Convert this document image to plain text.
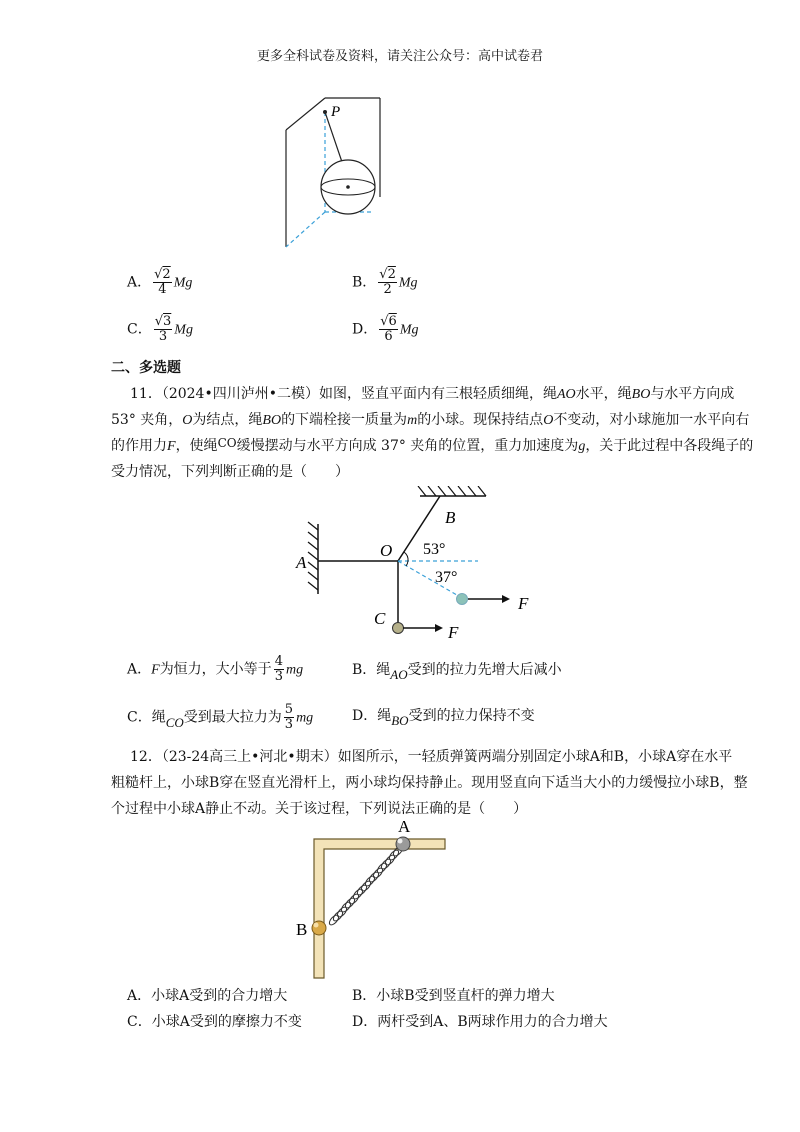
更多全科试卷及资料，请关注公众号：高中试卷君
P
A． $\frac{√2}{4}$ Mg	B． $\frac{√2}{2}$ Mg
C． $\frac{√3}{3}$ Mg	D． $\frac{√6}{6}$ Mg
二、多选题
11．（2024•四川泸州•二模）如图，竖直平面内有三根轻质细绳，绳AO水平，绳BO与水平方向成
53° 夹角，O为结点，绳BO的下端栓接一质量为m的小球。现保持结点O不变动，对小球施加一水平向右
的作用力F，使绳CO缓慢摆动与水平方向成 37° 夹角的位置，重力加速度为g，关于此过程中各段绳子的
受力情况，下列判断正确的是（　　）
A
B
O
C
F
F
53°
37°
A．F为恒力，大小等于 $\frac{4}{3}$ mg	B．绳AO受到的拉力先增大后减小
C．绳CO受到最大拉力为 $\frac{5}{3}$ mg	D．绳BO受到的拉力保持不变
12．（23-24高三上•河北•期末）如图所示，一轻质弹簧两端分别固定小球A和B，小球A穿在水平
粗糙杆上，小球B穿在竖直光滑杆上，两小球均保持静止。现用竖直向下适当大小的力缓慢拉小球B，整
个过程中小球A静止不动。关于该过程，下列说法正确的是（　　）
A
B
A．小球A受到的合力增大	B．小球B受到竖直杆的弹力增大
C．小球A受到的摩擦力不变	D．两杆受到A、B两球作用力的合力增大
